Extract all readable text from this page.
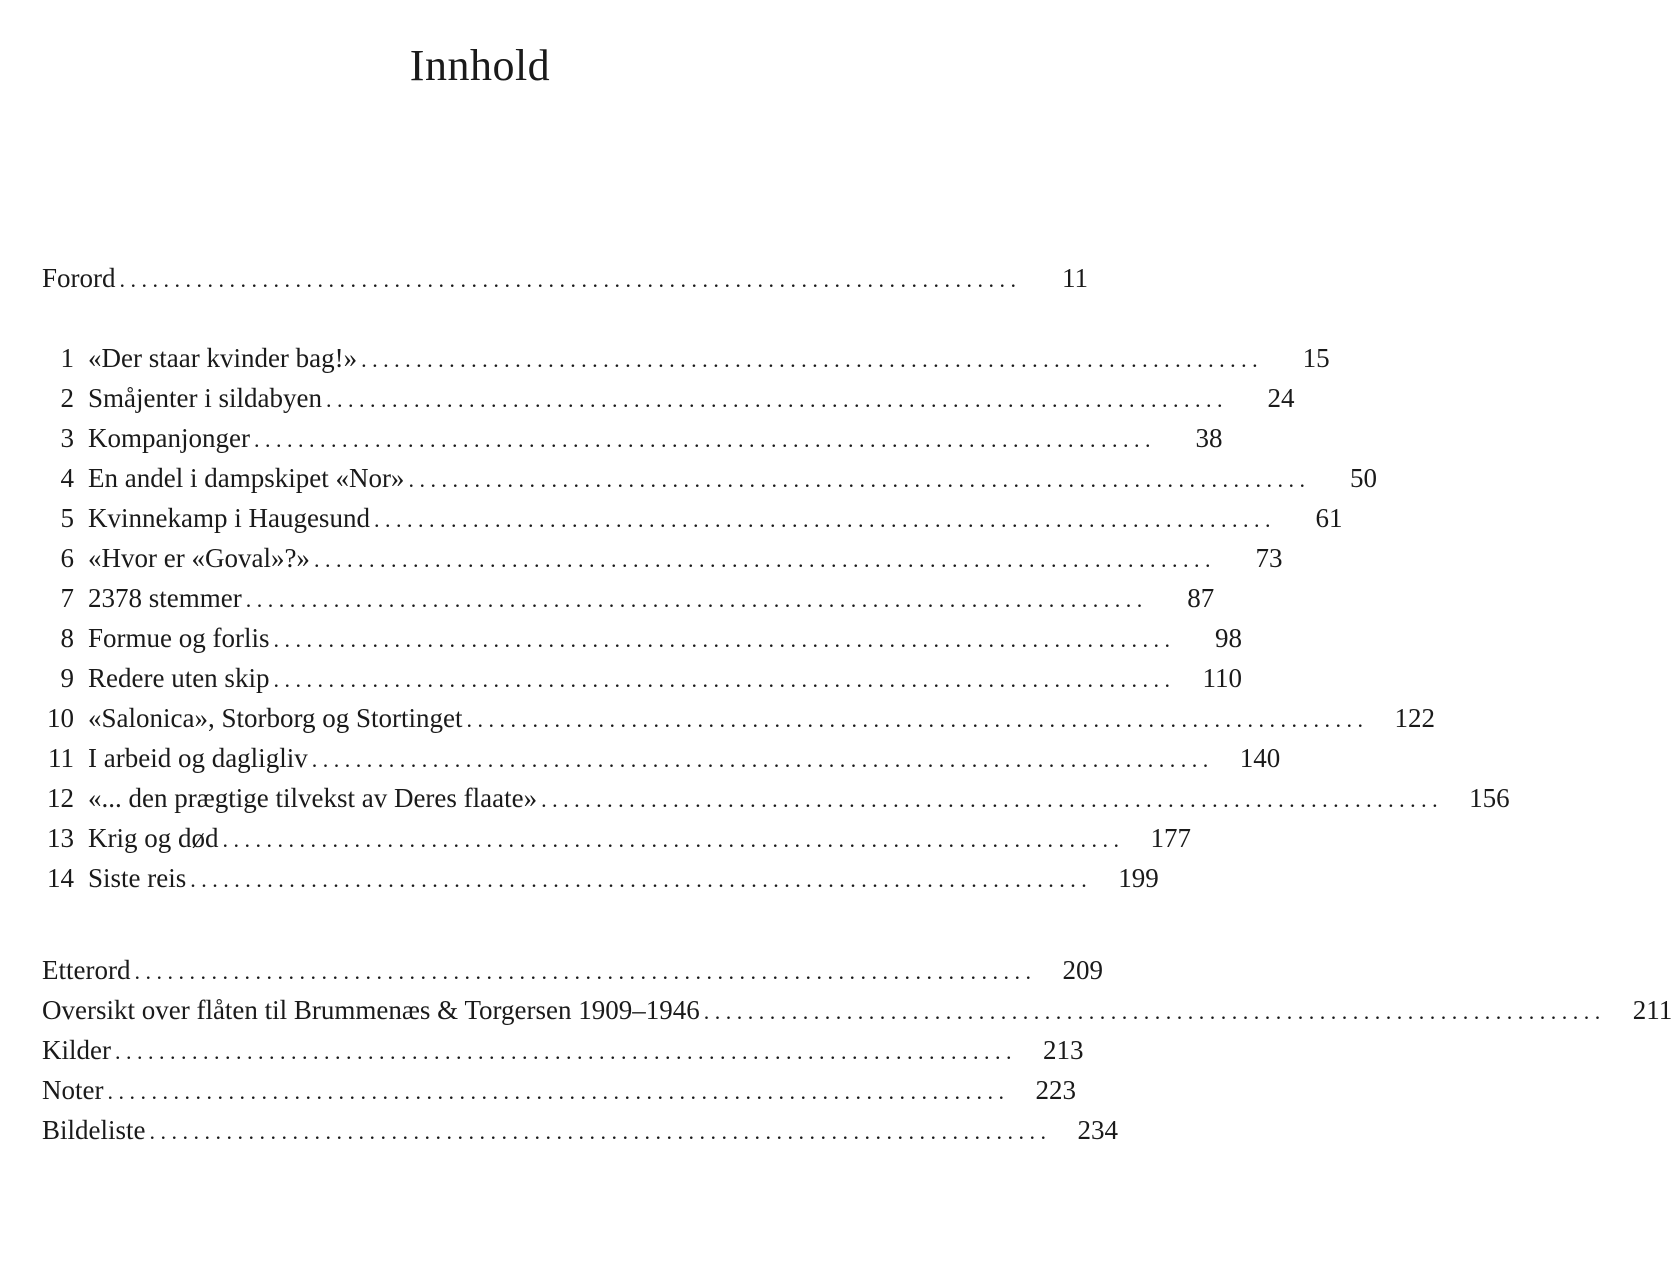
Innhold
Forord . . . . . . . . . . . . . . . . . . . . . . . . . . . . . . . . . . . . . . . . . . . . . . . . . . . . . . . . . . . . . . . . . . . . . . . . . . . . . . . . . .	11
1 «Der staar kvinder bag!» . . . . . . . . . . . . . . . . . . . . . . . . . . . . . . . . . . . . . . . . . . . . . . . . . . . . . . . . . . . . . . . . . . . . . . . . . . . . . . . . . .	15
2 Småjenter i sildabyen . . . . . . . . . . . . . . . . . . . . . . . . . . . . . . . . . . . . . . . . . . . . . . . . . . . . . . . . . . . . . . . . . . . . . . . . . . . . . . . . . .	24
3 Kompanjonger . . . . . . . . . . . . . . . . . . . . . . . . . . . . . . . . . . . . . . . . . . . . . . . . . . . . . . . . . . . . . . . . . . . . . . . . . . . . . . . . . .	38
4 En andel i dampskipet «Nor» . . . . . . . . . . . . . . . . . . . . . . . . . . . . . . . . . . . . . . . . . . . . . . . . . . . . . . . . . . . . . . . . . . . . . . . . . . . . . . . . . .	50
5 Kvinnekamp i Haugesund . . . . . . . . . . . . . . . . . . . . . . . . . . . . . . . . . . . . . . . . . . . . . . . . . . . . . . . . . . . . . . . . . . . . . . . . . . . . . . . . . .	61
6 «Hvor er «Goval»?» . . . . . . . . . . . . . . . . . . . . . . . . . . . . . . . . . . . . . . . . . . . . . . . . . . . . . . . . . . . . . . . . . . . . . . . . . . . . . . . . . .	73
7 2378 stemmer . . . . . . . . . . . . . . . . . . . . . . . . . . . . . . . . . . . . . . . . . . . . . . . . . . . . . . . . . . . . . . . . . . . . . . . . . . . . . . . . . .	87
8 Formue og forlis . . . . . . . . . . . . . . . . . . . . . . . . . . . . . . . . . . . . . . . . . . . . . . . . . . . . . . . . . . . . . . . . . . . . . . . . . . . . . . . . . .	98
9 Redere uten skip . . . . . . . . . . . . . . . . . . . . . . . . . . . . . . . . . . . . . . . . . . . . . . . . . . . . . . . . . . . . . . . . . . . . . . . . . . . . . . . . . .	110
10 «Salonica», Storborg og Stortinget . . . . . . . . . . . . . . . . . . . . . . . . . . . . . . . . . . . . . . . . . . . . . . . . . . . . . . . . . . . . . . . . . . . . . . . . . . . . . . . . . .	122
11 I arbeid og dagligliv . . . . . . . . . . . . . . . . . . . . . . . . . . . . . . . . . . . . . . . . . . . . . . . . . . . . . . . . . . . . . . . . . . . . . . . . . . . . . . . . . .	140
12 «... den prægtige tilvekst av Deres flaate» . . . . . . . . . . . . . . . . . . . . . . . . . . . . . . . . . . . . . . . . . . . . . . . . . . . . . . . . . . . . . . . . . . . . . . . . . . . . . . . . . .	156
13 Krig og død . . . . . . . . . . . . . . . . . . . . . . . . . . . . . . . . . . . . . . . . . . . . . . . . . . . . . . . . . . . . . . . . . . . . . . . . . . . . . . . . . .	177
14 Siste reis . . . . . . . . . . . . . . . . . . . . . . . . . . . . . . . . . . . . . . . . . . . . . . . . . . . . . . . . . . . . . . . . . . . . . . . . . . . . . . . . . .	199
Etterord . . . . . . . . . . . . . . . . . . . . . . . . . . . . . . . . . . . . . . . . . . . . . . . . . . . . . . . . . . . . . . . . . . . . . . . . . . . . . . . . . .	209
Oversikt over flåten til Brummenæs & Torgersen 1909–1946 . . . . . . . . . . . . . . . . . . . . . . . . . . . . . . . . . . . . . . . . . . . . . . . . . . . . . . . . . . . . . . . . . . . . . . . . . . . . . . . . . .	211
Kilder . . . . . . . . . . . . . . . . . . . . . . . . . . . . . . . . . . . . . . . . . . . . . . . . . . . . . . . . . . . . . . . . . . . . . . . . . . . . . . . . . .	213
Noter . . . . . . . . . . . . . . . . . . . . . . . . . . . . . . . . . . . . . . . . . . . . . . . . . . . . . . . . . . . . . . . . . . . . . . . . . . . . . . . . . .	223
Bildeliste . . . . . . . . . . . . . . . . . . . . . . . . . . . . . . . . . . . . . . . . . . . . . . . . . . . . . . . . . . . . . . . . . . . . . . . . . . . . . . . . . .	234
